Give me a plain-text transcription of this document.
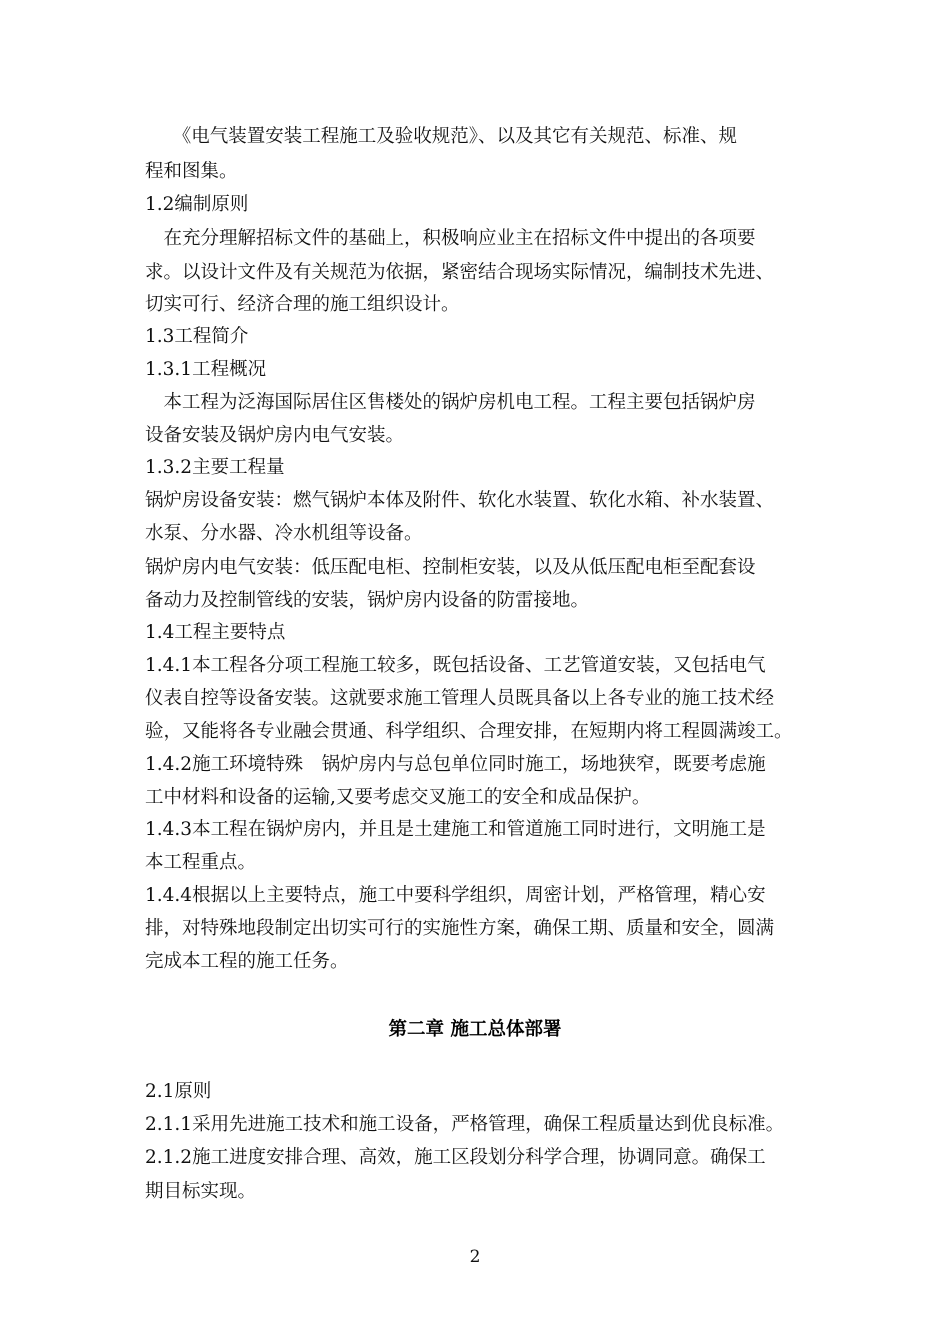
　　《电气装置安装工程施工及验收规范》、以及其它有关规范、标准、规
程和图集。
1.2编制原则
　在充分理解招标文件的基础上，积极响应业主在招标文件中提出的各项要
求。以设计文件及有关规范为依据，紧密结合现场实际情况，编制技术先进、
切实可行、经济合理的施工组织设计。
1.3工程简介
1.3.1工程概况
　本工程为泛海国际居住区售楼处的锅炉房机电工程。工程主要包括锅炉房
设备安装及锅炉房内电气安装。
1.3.2主要工程量
锅炉房设备安装：燃气锅炉本体及附件、软化水装置、软化水箱、补水装置、
水泵、分水器、冷水机组等设备。
锅炉房内电气安装：低压配电柜、控制柜安装，以及从低压配电柜至配套设
备动力及控制管线的安装，锅炉房内设备的防雷接地。
1.4工程主要特点
1.4.1本工程各分项工程施工较多，既包括设备、工艺管道安装，又包括电气
仪表自控等设备安装。这就要求施工管理人员既具备以上各专业的施工技术经
验，又能将各专业融会贯通、科学组织、合理安排，在短期内将工程圆满竣工。
1.4.2施工环境特殊　锅炉房内与总包单位同时施工，场地狭窄，既要考虑施
工中材料和设备的运输,又要考虑交叉施工的安全和成品保护。
1.4.3本工程在锅炉房内，并且是土建施工和管道施工同时进行，文明施工是
本工程重点。
1.4.4根据以上主要特点，施工中要科学组织，周密计划，严格管理，精心安
排，对特殊地段制定出切实可行的实施性方案，确保工期、质量和安全，圆满
完成本工程的施工任务。
第二章 施工总体部署
2.1原则
2.1.1采用先进施工技术和施工设备，严格管理，确保工程质量达到优良标准。
2.1.2施工进度安排合理、高效，施工区段划分科学合理，协调同意。确保工
期目标实现。
2
